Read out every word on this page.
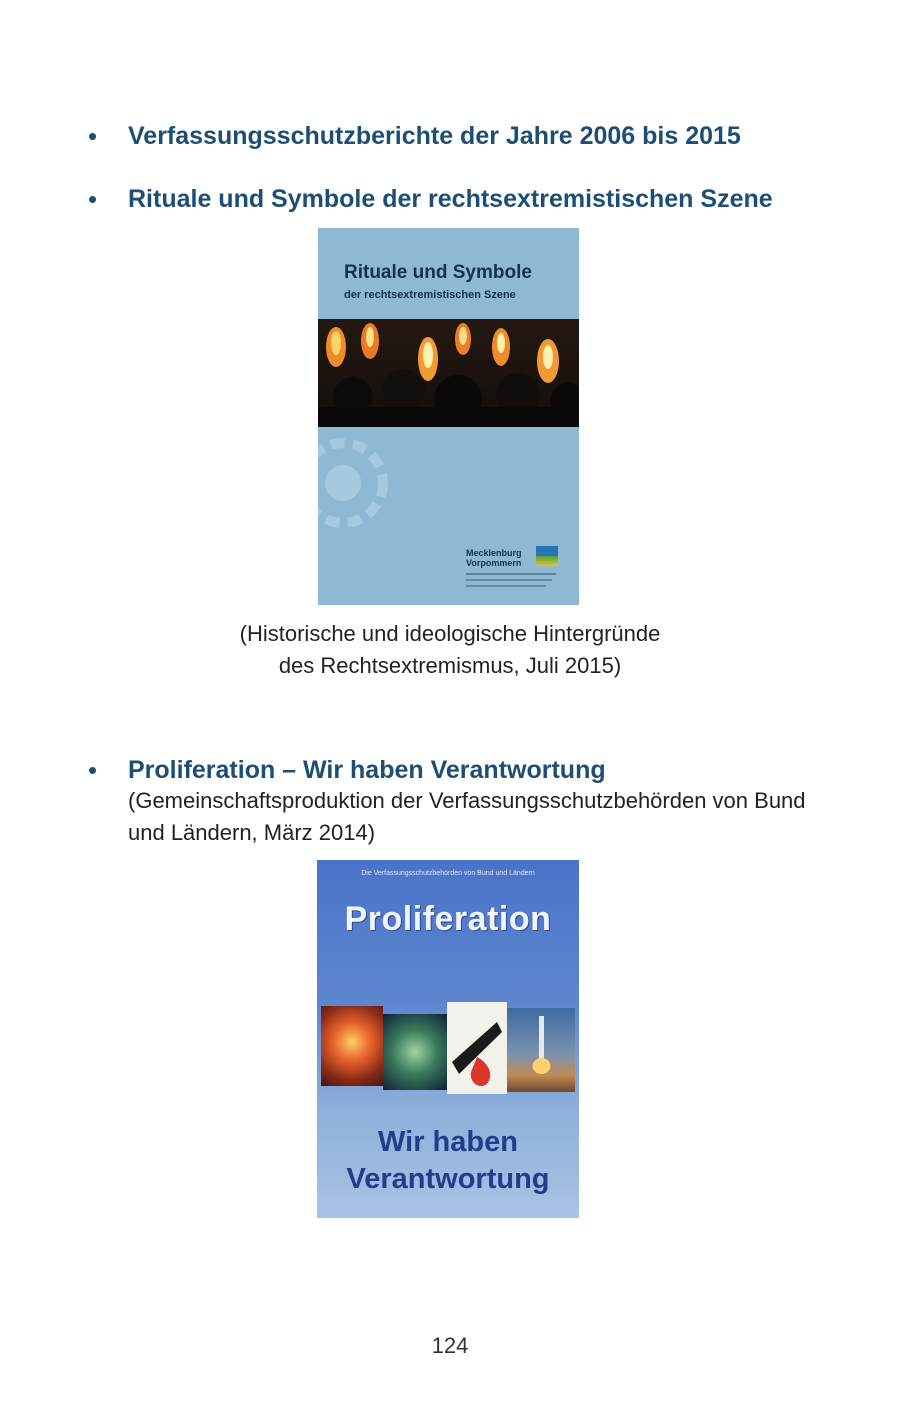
• Verfassungsschutzberichte der Jahre 2006 bis 2015
• Rituale und Symbole der rechtsextremistischen Szene
Rituale und Symbole
der rechtsextremistischen Szene
Mecklenburg
Vorpommern
(Historische und ideologische Hintergründe
des Rechtsextremismus, Juli 2015)
• Proliferation – Wir haben Verantwortung
(Gemeinschaftsproduktion der Verfassungsschutzbehörden von Bund und Ländern, März 2014)
Die Verfassungsschutzbehörden von Bund und Ländern
Proliferation
Wir haben
Verantwortung
124
